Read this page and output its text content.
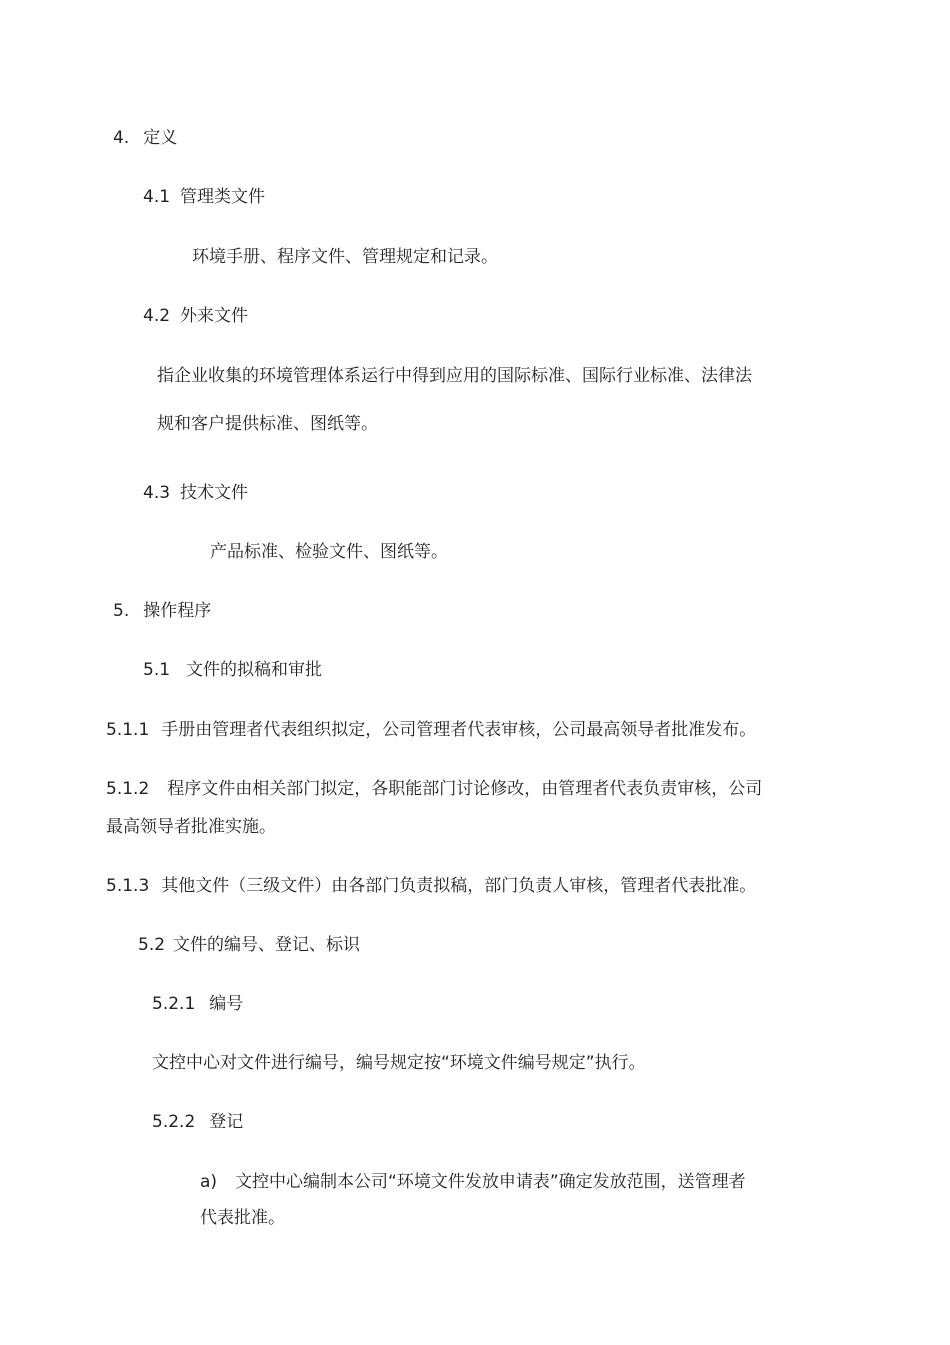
4. 定义
4.1 管理类文件
环境手册、程序文件、管理规定和记录。
4.2 外来文件
指企业收集的环境管理体系运行中得到应用的国际标准、国际行业标准、法律法
规和客户提供标准、图纸等。
4.3 技术文件
产品标准、检验文件、图纸等。
5. 操作程序
5.1 文件的拟稿和审批
5.1.1 手册由管理者代表组织拟定，公司管理者代表审核，公司最高领导者批准发布。
5.1.2 程序文件由相关部门拟定，各职能部门讨论修改，由管理者代表负责审核，公司
最高领导者批准实施。
5.1.3 其他文件（三级文件）由各部门负责拟稿，部门负责人审核，管理者代表批准。
5.2 文件的编号、登记、标识
5.2.1 编号
文控中心对文件进行编号，编号规定按“环境文件编号规定”执行。
5.2.2 登记
a) 文控中心编制本公司“环境文件发放申请表”确定发放范围，送管理者
代表批准。
